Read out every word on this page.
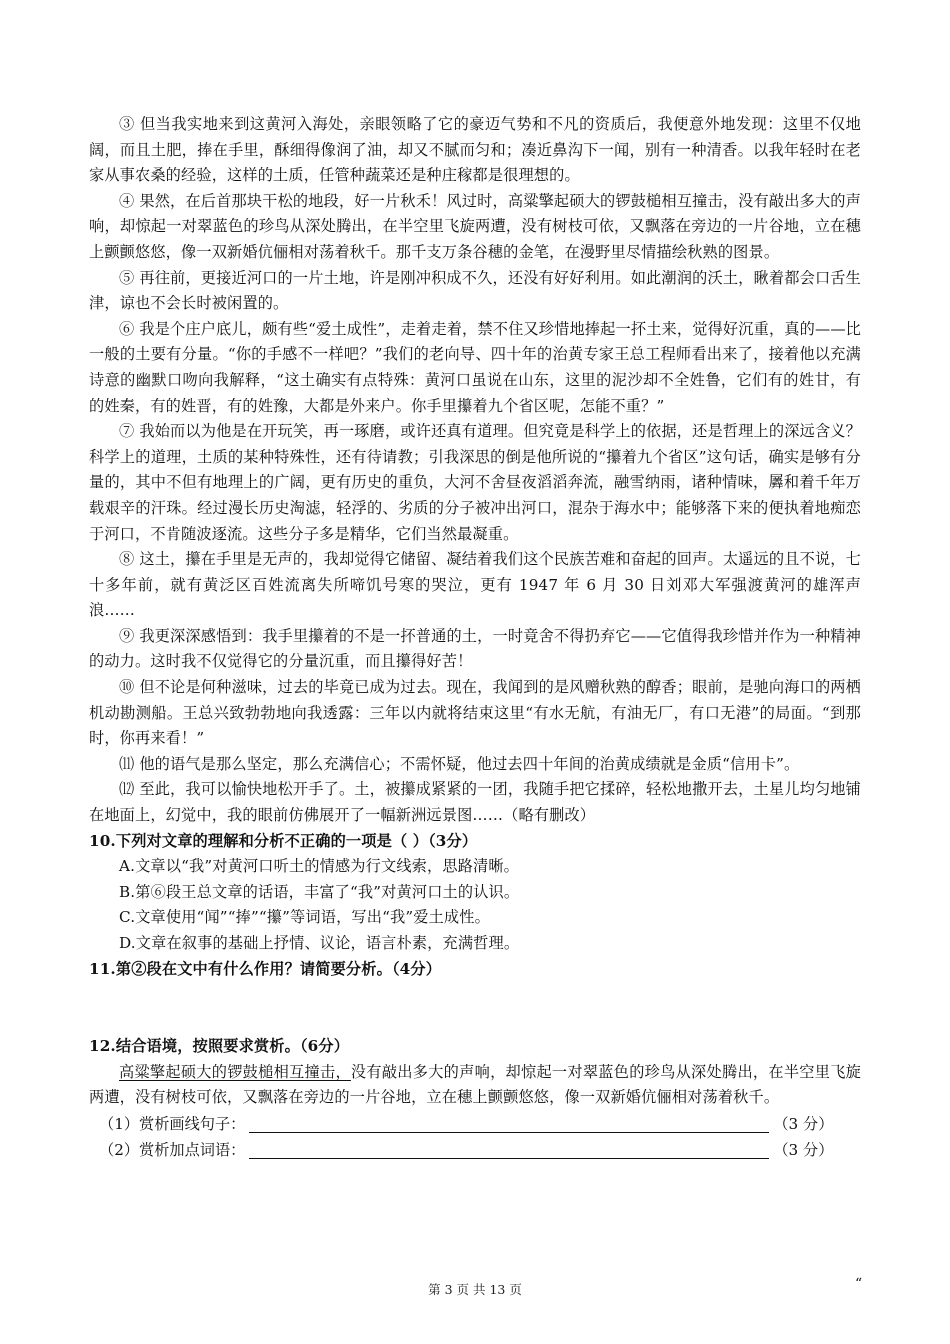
③ 但当我实地来到这黄河入海处，亲眼领略了它的豪迈气势和不凡的资质后，我便意外地发现：这里不仅地阔，而且土肥，捧在手里，酥细得像润了油，却又不腻而匀和；凑近鼻沟下一闻，别有一种清香。以我年轻时在老家从事农桑的经验，这样的土质，任管种蔬菜还是种庄稼都是很理想的。

④ 果然，在后首那块干松的地段，好一片秋禾！风过时，高粱擎起硕大的锣鼓槌相互撞击，没有敲出多大的声响，却惊起一对翠蓝色的珍鸟从深处腾出，在半空里飞旋两遭，没有树枝可依，又飘落在旁边的一片谷地，立在穗上颤颤悠悠，像一双新婚伉俪相对荡着秋千。那千支万条谷穗的金笔，在漫野里尽情描绘秋熟的图景。

⑤ 再往前，更接近河口的一片土地，许是刚冲积成不久，还没有好好利用。如此潮润的沃土，瞅着都会口舌生津，谅也不会长时被闲置的。

⑥ 我是个庄户底儿，颇有些“爱土成性”，走着走着，禁不住又珍惜地捧起一抔土来，觉得好沉重，真的——比一般的土要有分量。“你的手感不一样吧？”我们的老向导、四十年的治黄专家王总工程师看出来了，接着他以充满诗意的幽默口吻向我解释，“这土确实有点特殊：黄河口虽说在山东，这里的泥沙却不全姓鲁，它们有的姓甘，有的姓秦，有的姓晋，有的姓豫，大都是外来户。你手里攥着九个省区呢，怎能不重？”

⑦ 我始而以为他是在开玩笑，再一琢磨，或许还真有道理。但究竟是科学上的依据，还是哲理上的深远含义？科学上的道理，土质的某种特殊性，还有待请教；引我深思的倒是他所说的“攥着九个省区”这句话，确实是够有分量的，其中不但有地理上的广阔，更有历史的重负，大河不舍昼夜滔滔奔流，融雪纳雨，诸种情味，羼和着千年万载艰辛的汗珠。经过漫长历史淘滤，轻浮的、劣质的分子被冲出河口，混杂于海水中；能够落下来的便执着地痴恋于河口，不肯随波逐流。这些分子多是精华，它们当然最凝重。

⑧ 这土，攥在手里是无声的，我却觉得它储留、凝结着我们这个民族苦难和奋起的回声。太遥远的且不说，七十多年前，就有黄泛区百姓流离失所啼饥号寒的哭泣，更有 1947 年 6 月 30 日刘邓大军强渡黄河的雄浑声浪……

⑨ 我更深深感悟到：我手里攥着的不是一抔普通的土，一时竟舍不得扔弃它——它值得我珍惜并作为一种精神的动力。这时我不仅觉得它的分量沉重，而且攥得好苦！

⑩ 但不论是何种滋味，过去的毕竟已成为过去。现在，我闻到的是风赠秋熟的醇香；眼前，是驰向海口的两栖机动勘测船。王总兴致勃勃地向我透露：三年以内就将结束这里“有水无航，有油无厂，有口无港”的局面。“到那时，你再来看！”

⑾ 他的语气是那么坚定，那么充满信心；不需怀疑，他过去四十年间的治黄成绩就是金质“信用卡”。

⑿ 至此，我可以愉快地松开手了。土，被攥成紧紧的一团，我随手把它揉碎，轻松地撒开去，土星儿均匀地铺在地面上，幻觉中，我的眼前仿佛展开了一幅新洲远景图……（略有删改）

10.下列对文章的理解和分析不正确的一项是（ ）（3分）

A.文章以“我”对黄河口听土的情感为行文线索，思路清晰。

B.第⑥段王总文章的话语，丰富了“我”对黄河口土的认识。

C.文章使用“闻”“捧”“攥”等词语，写出“我”爱土成性。

D.文章在叙事的基础上抒情、议论，语言朴素，充满哲理。

11.第②段在文中有什么作用？请简要分析。（4分）

12.结合语境，按照要求赏析。（6分）

高粱擎起硕大的锣鼓槌相互撞击，没有敲出多大的声响，却惊起一对翠蓝色的珍鸟从深处腾出，在半空里飞旋两遭，没有树枝可依，又飘落在旁边的一片谷地，立在穗上颤颤悠悠，像一双新婚伉俪相对荡着秋千。

（1）赏析画线句子：	（3 分）
（2）赏析加点词语：	（3 分）
第 3 页 共 13 页	“
